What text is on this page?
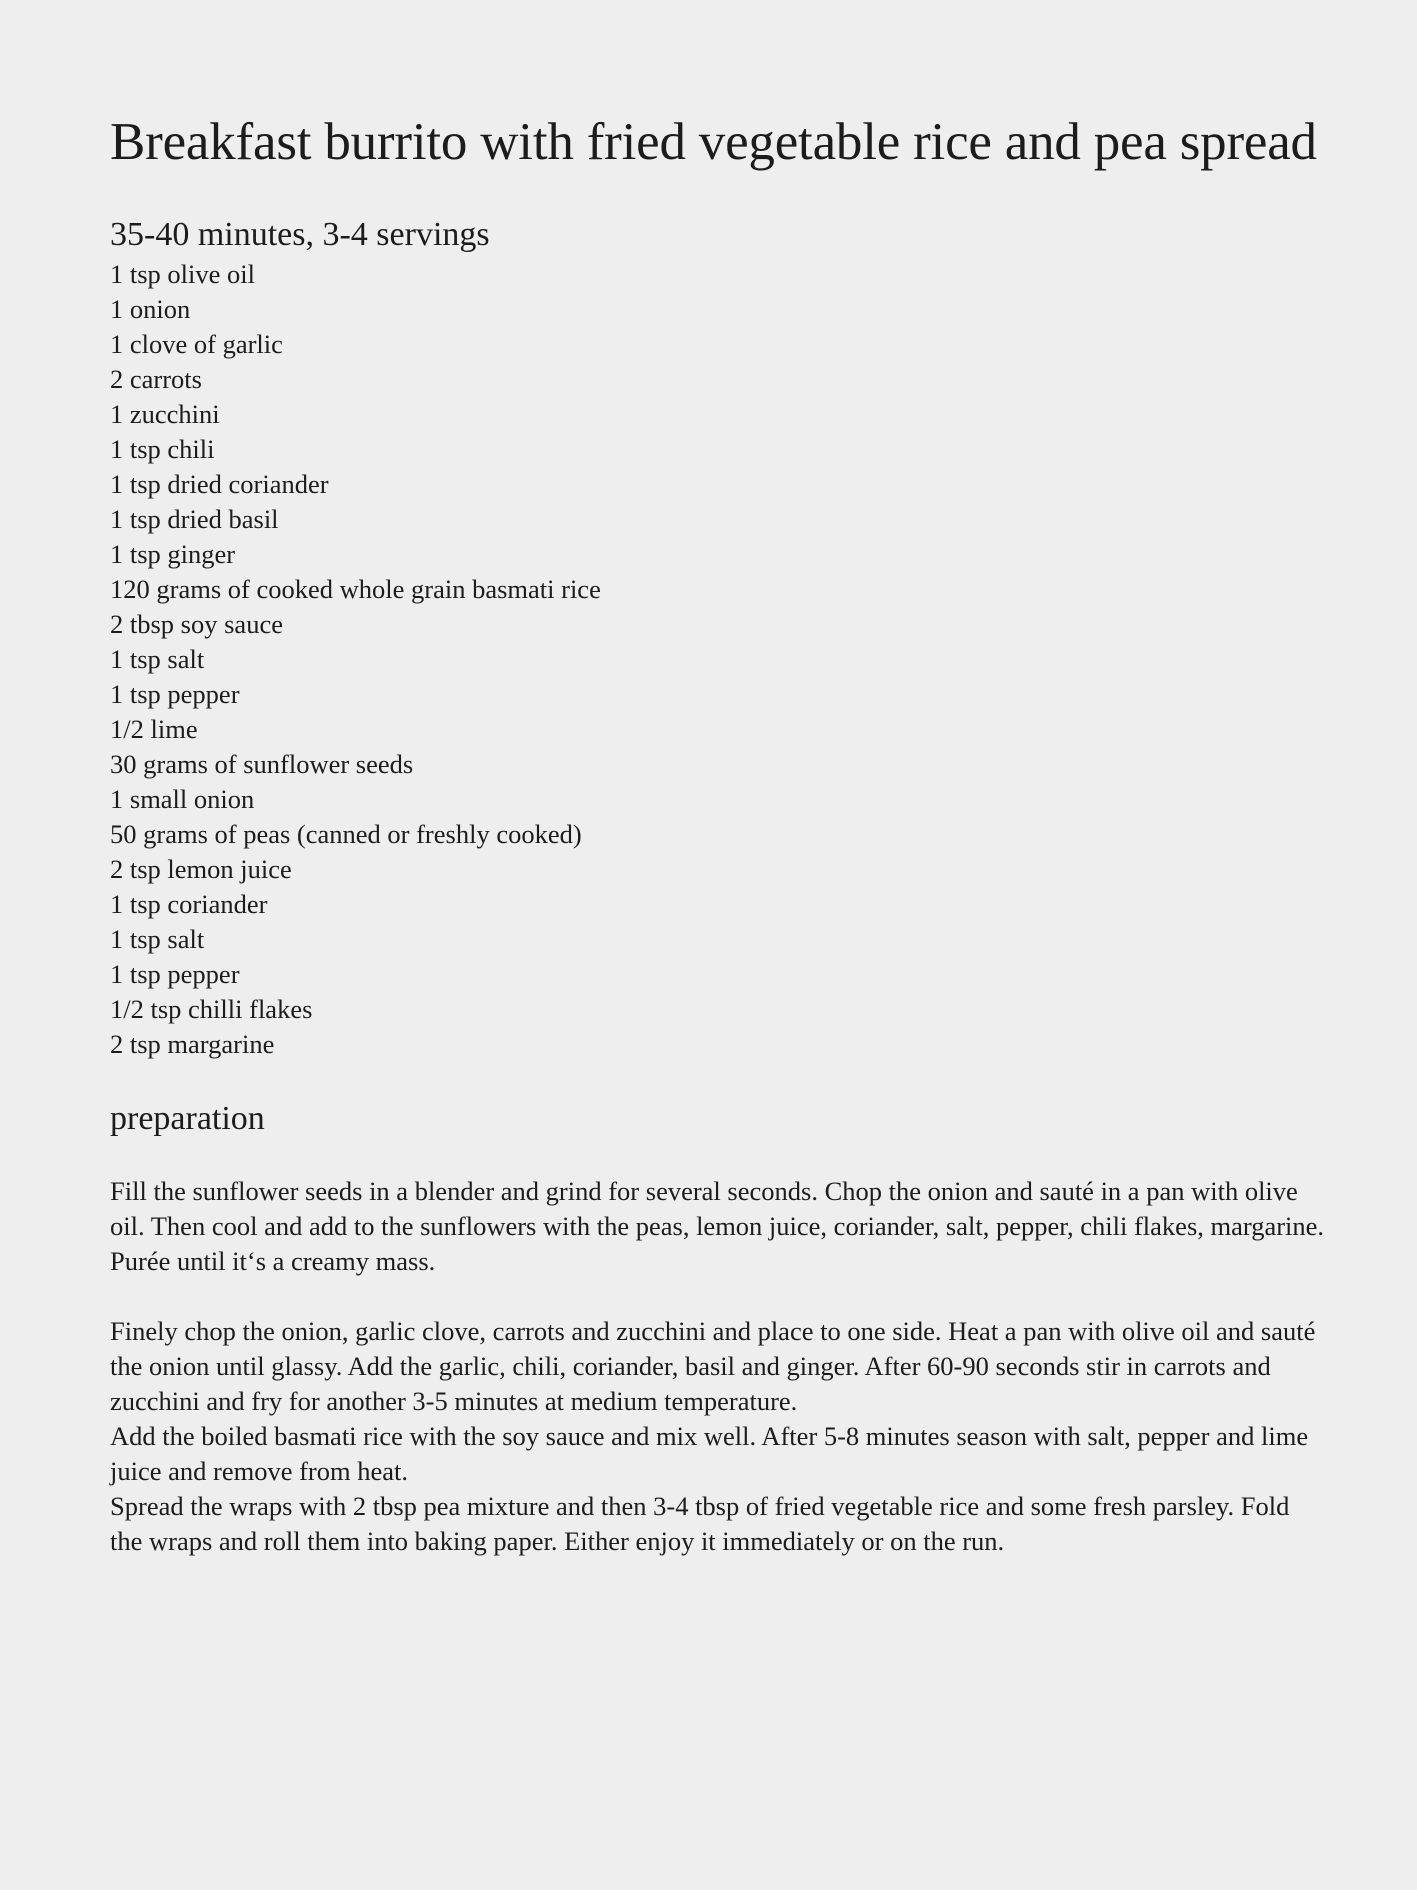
Breakfast burrito with fried vegetable rice and pea spread
35-40 minutes, 3-4 servings
1 tsp olive oil
1 onion
1 clove of garlic
2 carrots
1 zucchini
1 tsp chili
1 tsp dried coriander
1 tsp dried basil
1 tsp ginger
120 grams of cooked whole grain basmati rice
2 tbsp soy sauce
1 tsp salt
1 tsp pepper
1/2 lime
30 grams of sunflower seeds
1 small onion
50 grams of peas (canned or freshly cooked)
2 tsp lemon juice
1 tsp coriander
1 tsp salt
1 tsp pepper
1/2 tsp chilli flakes
2 tsp margarine
preparation

Fill the sunflower seeds in a blender and grind for several seconds. Chop the onion and sauté in a pan with olive oil. Then cool and add to the sunflowers with the peas, lemon juice, coriander, salt, pepper, chili flakes, margarine. Purée until it‘s a creamy mass.

Finely chop the onion, garlic clove, carrots and zucchini and place to one side. Heat a pan with olive oil and sauté the onion until glassy. Add the garlic, chili, coriander, basil and ginger. After 60-90 seconds stir in carrots and zucchini and fry for another 3-5 minutes at medium temperature.

Add the boiled basmati rice with the soy sauce and mix well. After 5-8 minutes season with salt, pepper and lime juice and remove from heat.

Spread the wraps with 2 tbsp pea mixture and then 3-4 tbsp of fried vegetable rice and some fresh parsley. Fold the wraps and roll them into baking paper. Either enjoy it immediately or on the run.
